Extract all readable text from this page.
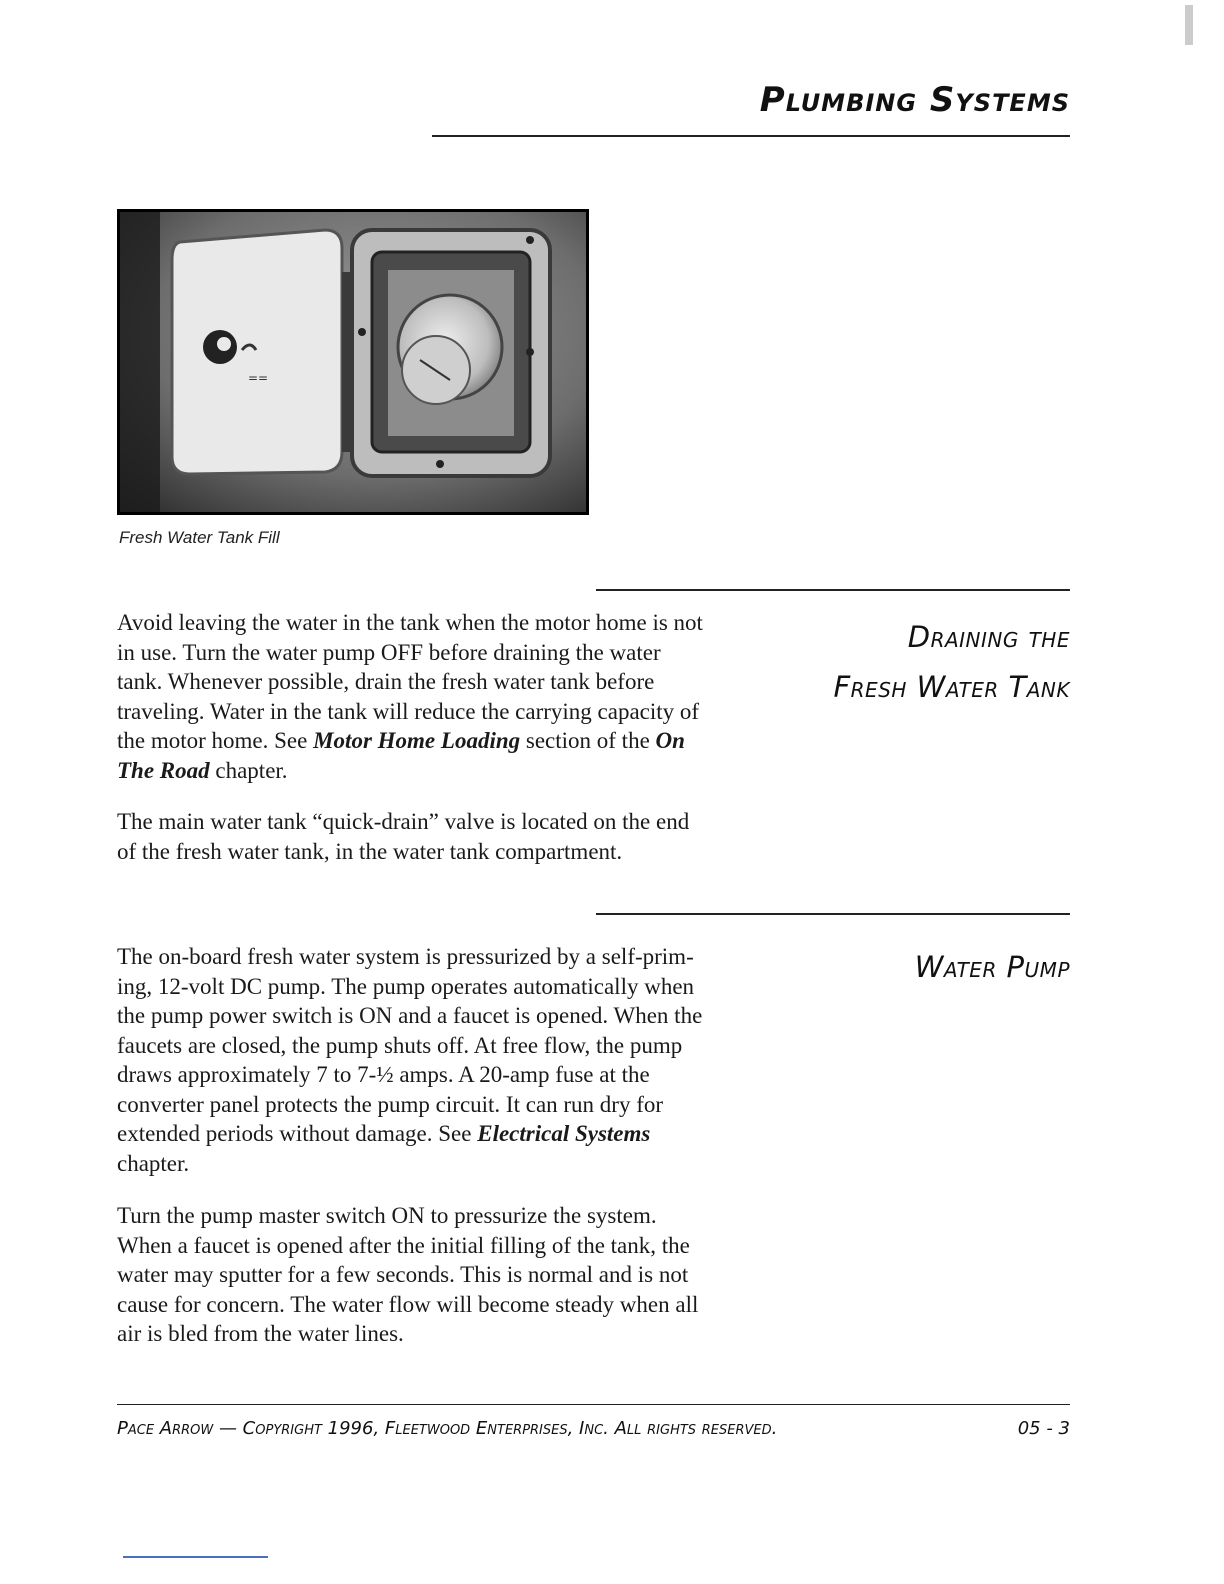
Plumbing Systems
==
Fresh Water Tank Fill
Draining the
Fresh Water Tank
Avoid leaving the water in the tank when the motor home is not
in use. Turn the water pump OFF before draining the water
tank. Whenever possible, drain the fresh water tank before
traveling. Water in the tank will reduce the carrying capacity of
the motor home. See Motor Home Loading section of the On
The Road chapter.
The main water tank “quick-drain” valve is located on the end
of the fresh water tank, in the water tank compartment.
Water Pump
The on-board fresh water system is pressurized by a self-prim-
ing, 12-volt DC pump. The pump operates automatically when
the pump power switch is ON and a faucet is opened. When the
faucets are closed, the pump shuts off. At free flow, the pump
draws approximately 7 to 7-½ amps. A 20-amp fuse at the
converter panel protects the pump circuit. It can run dry for
extended periods without damage. See Electrical Systems
chapter.
Turn the pump master switch ON to pressurize the system.
When a faucet is opened after the initial filling of the tank, the
water may sputter for a few seconds. This is normal and is not
cause for concern. The water flow will become steady when all
air is bled from the water lines.
Pace Arrow — Copyright 1996, Fleetwood Enterprises, Inc. All rights reserved.	05 - 3
